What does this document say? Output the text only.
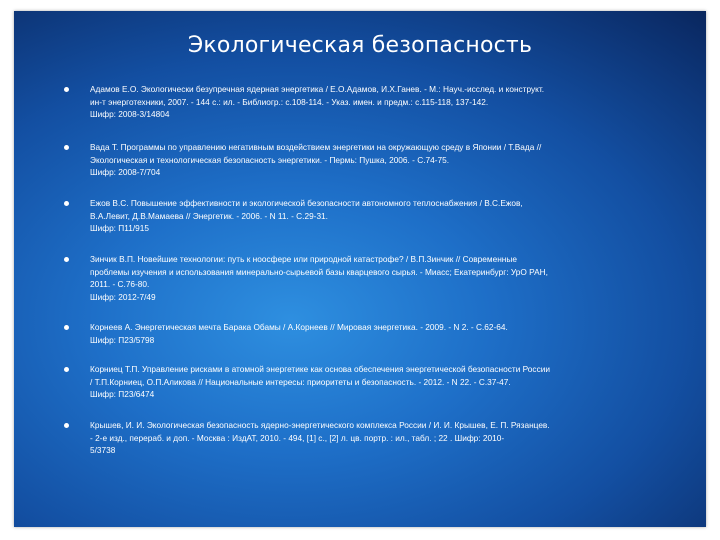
Экологическая безопасность
Адамов Е.О. Экологически безупречная ядерная энергетика / Е.О.Адамов, И.Х.Ганев. - М.: Науч.-исслед. и конструкт.
ин-т энерготехники, 2007. - 144 с.: ил. - Библиогр.: с.108-114. - Указ. имен. и предм.: с.115-118, 137-142.
Шифр: 2008-3/14804
Вада Т. Программы по управлению негативным воздействием энергетики на окружающую среду в Японии / Т.Вада //
Экологическая и технологическая безопасность энергетики. - Пермь: Пушка, 2006. - С.74-75.
Шифр: 2008-7/704
Ежов В.С. Повышение эффективности и экологической безопасности автономного теплоснабжения / В.С.Ежов,
В.А.Левит, Д.В.Мамаева // Энергетик. - 2006. - N 11. - С.29-31.
Шифр: П11/915
Зинчик В.П. Новейшие технологии: путь к ноосфере или природной катастрофе? / В.П.Зинчик // Современные
проблемы изучения и использования минерально-сырьевой базы кварцевого сырья. - Миасс; Екатеринбург: УрО РАН,
2011. - С.76-80.
Шифр: 2012-7/49
Корнеев А. Энергетическая мечта Барака Обамы / А.Корнеев // Мировая энергетика. - 2009. - N 2. - С.62-64.
Шифр: П23/5798
Корниец Т.П. Управление рисками в атомной энергетике как основа обеспечения энергетической безопасности России
/ Т.П.Корниец, О.П.Аликова // Национальные интересы: приоритеты и безопасность. - 2012. - N 22. - С.37-47.
Шифр: П23/6474
Крышев, И. И. Экологическая безопасность ядерно-энергетического комплекса России / И. И. Крышев, Е. П. Рязанцев.
- 2-е изд., перераб. и доп. - Москва : ИздАТ, 2010. - 494, [1] с., [2] л. цв. портр. : ил., табл. ; 22 . Шифр: 2010-
5/3738
